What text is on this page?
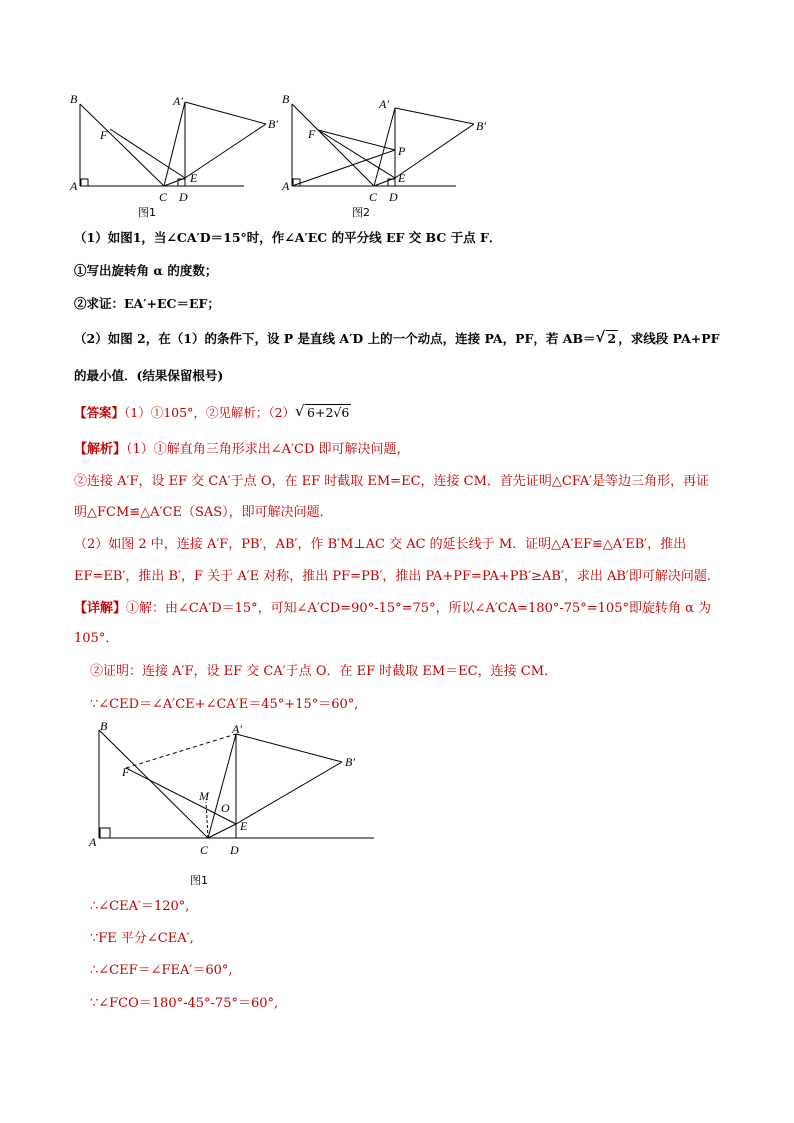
B	A′
B′
F
A
C D
E
图1
B	A′
B′
F
P
A
C D
E
图2
（1）如图1，当∠CA′D＝15°时，作∠A′EC 的平分线 EF 交 BC 于点 F．
①写出旋转角 α 的度数；
②求证：EA′+EC＝EF；
（2）如图 2，在（1）的条件下，设 P 是直线 A′D 上的一个动点，连接 PA，PF，若 AB＝ √ 2 ，求线段 PA+PF
的最小值．(结果保留根号)
【答案】（1）①105°，②见解析；（2） √ 6+2√6
【解析】（1）①解直角三角形求出∠A′CD 即可解决问题，
②连接 A′F，设 EF 交 CA′于点 O，在 EF 时截取 EM=EC，连接 CM．首先证明△CFA′是等边三角形，再证
明△FCM≌△A′CE（SAS），即可解决问题．
（2）如图 2 中，连接 A′F，PB′，AB′，作 B′M⊥AC 交 AC 的延长线于 M．证明△A′EF≌△A′EB′，推出
EF=EB′，推出 B′，F 关于 A′E 对称，推出 PF=PB′，推出 PA+PF=PA+PB′≥AB′，求出 AB′即可解决问题．
【详解】①解：由∠CA′D＝15°，可知∠A′CD=90°-15°=75°，所以∠A′CA=180°-75°=105°即旋转角 α 为
105°．
②证明：连接 A′F，设 EF 交 CA′于点 O．在 EF 时截取 EM＝EC，连接 CM．
∵∠CED＝∠A′CE+∠CA′E＝45°+15°＝60°,
B	A′
B′
F
M
O
E
A
C D
图1
∴∠CEA′＝120°,
∵FE 平分∠CEA′,
∴∠CEF＝∠FEA′＝60°,
∵∠FCO＝180°-45°-75°＝60°,
